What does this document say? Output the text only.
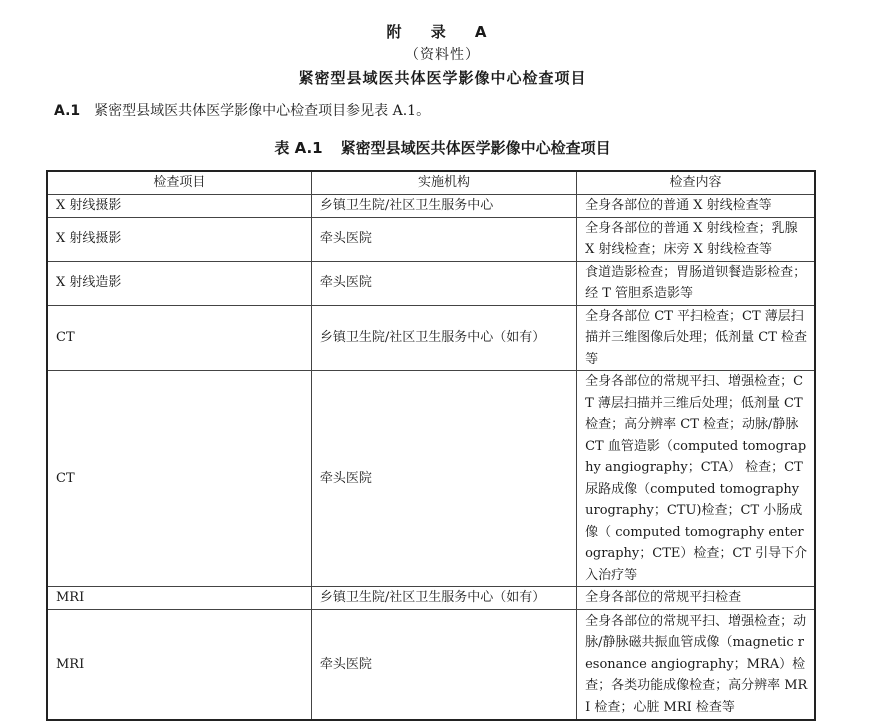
附 录 A
（资料性）
紧密型县域医共体医学影像中心检查项目
A.1 紧密型县域医共体医学影像中心检查项目参见表 A.1。
表 A.1 紧密型县域医共体医学影像中心检查项目
检查项目	实施机构	检查内容
X 射线摄影	乡镇卫生院/社区卫生服务中心	全身各部位的普通 X 射线检查等
X 射线摄影	牵头医院	全身各部位的普通 X 射线检查；乳腺 X 射线检查；床旁 X 射线检查等
X 射线造影	牵头医院	食道造影检查；胃肠道钡餐造影检查；经 T 管胆系造影等
CT	乡镇卫生院/社区卫生服务中心（如有）	全身各部位 CT 平扫检查；CT 薄层扫描并三维图像后处理；低剂量 CT 检查等
CT	牵头医院	全身各部位的常规平扫、增强检查；CT 薄层扫描并三维后处理；低剂量 CT 检查；高分辨率 CT 检查；动脉/静脉 CT 血管造影（computed tomography angiography；CTA） 检查；CT 尿路成像（computed tomography urography；CTU)检查；CT 小肠成像（ computed tomography enterography；CTE）检查；CT 引导下介入治疗等
MRI	乡镇卫生院/社区卫生服务中心（如有）	全身各部位的常规平扫检查
MRI	牵头医院	全身各部位的常规平扫、增强检查；动脉/静脉磁共振血管成像（magnetic resonance angiography；MRA）检查；各类功能成像检查；高分辨率 MRI 检查；心脏 MRI 检查等
